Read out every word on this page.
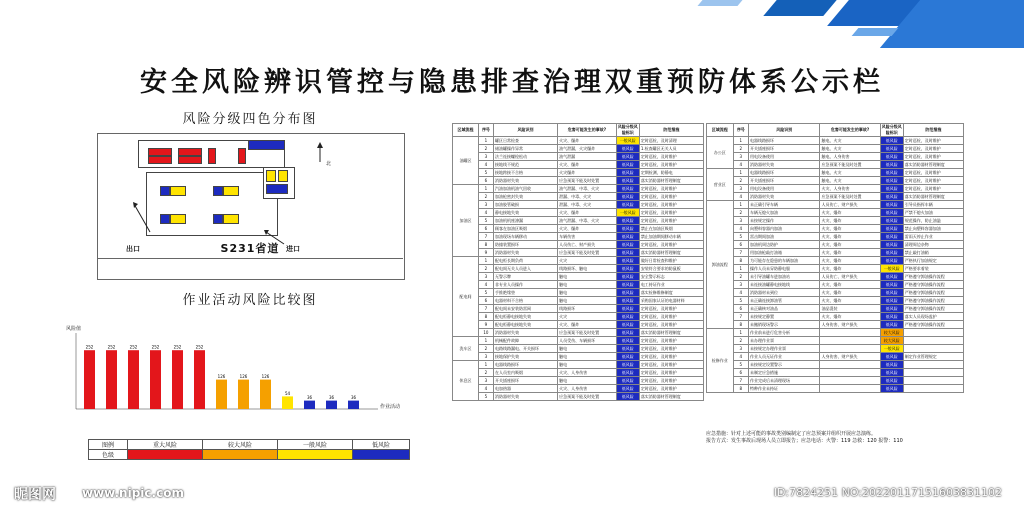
安全风险辨识管控与隐患排查治理双重预防体系公示栏
风险分级四色分布图
北
出口	进口
S231省道
作业活动风险比较图
风险值
作业活动
252	252	252	252	252	252
126	126	126
54
36	36	36
图例	重大风险	较大风险	一般风险	低风险
色级				
区域流程	序号	风险识别	危害可能发生的事故?	风险分级风险标识	防范措施
油罐区	1	罐区日常检查	火灾、爆炸	一般风险	定时巡检，及时清理
	2	储油罐操作异常	油气泄漏，火灾爆炸	低风险	1.检查罐区无关人员
	3	法兰连接螺栓松动	油气泄漏	低风险	定时巡检，及时维护
	4	接地线不规范	火灾、爆炸	低风险	定时巡检，及时维护
	5	接地跨接不合格	火灾爆炸	低风险	定期检测，防静电
	6	消防器材失效	应急预案不能及时处置	低风险	落实消防器材管理制度
加油区	1	汽油加油机油气回收	油气泄漏、中毒、火灾	低风险	定时巡检，及时维护
	2	加油枪密封失效	泄漏、中毒、火灾	低风险	定时巡检，及时维护
	3	加油胶管破损	泄漏、中毒、火灾	低风险	定时巡检，及时维护
	4	静电接地失效	火灾、爆炸	一般风险	定时巡检，及时维护
	5	加油机机座渗漏	油气泄漏、中毒、火灾	低风险	定时巡检，及时维护
	6	顾客在加油区吸烟	火灾、爆炸	低风险	禁止在加油区吸烟
	7	加油现场车辆移动	车辆伤害	低风险	禁止加油期间移动车辆
	8	防撞装置损坏	人员伤亡、财产损失	低风险	定时巡检，及时维护
	9	消防器材失效	应急预案不能及时处置	低风险	落实消防器材管理制度
配电间	1	配电柜长期负荷	火灾	低风险	做好日常检查和维护
	2	配电间无关人员进入	线路损坏、触电	低风险	安装符合要求的防鼠板
	3	无警示牌	触电	低风险	安全警示标志
	4	非专业人员操作	触电	低风险	电工持证作业
	5	手推绝缘垫	触电	低风险	落实检修维修制度
	6	电器材料不合格	触电	低风险	采购国家认证的电器材料
	7	配电间未安装防雷网	线路损坏	低风险	定时巡检，及时维护
	8	配电柜静电接地失效	火灾	低风险	定时巡检，及时维护
	9	配电柜静电接地失效	火灾、爆炸	低风险	定时巡检，及时维护
	10	消防器材失效	应急预案不能及时处置	低风险	落实消防器材管理制度
洗车区	1	机械配件故障	人员受伤、车辆损坏	低风险	定时巡检，及时维护
	2	电路线路漏电、开关损坏	触电	低风险	定时巡检，及时维护
	3	接地保护失效	触电	低风险	定时巡检，及时维护
休息区	1	电器线路损坏	触电	低风险	定时巡检，及时维护
	2	在人员室内吸烟	火灾、人身伤害	低风险	定时巡检，及时维护
	3	开关插座损坏	触电	低风险	定时巡检，及时维护
	4	电加热器	火灾、人身伤害	低风险	定时巡检，及时维护
	5	消防器材失效	应急预案不能及时处置	低风险	落实消防器材管理制度
区域流程	序号	风险识别	危害可能发生的事故?	风险分级风险标识	防范措施
办公区	1	电器线路损坏	触电、火灾	低风险	定时巡检，及时维护
	2	开关插座损坏	触电、火灾	低风险	定时巡检，及时维护
	3	用电设备使用	触电、人身伤害	低风险	定时巡检，及时维护
	4	消防器材失效	应急预案不能及时处置	低风险	落实消防器材管理制度
营业区	1	电器线路损坏	触电、火灾	低风险	定时巡检，及时维护
	2	开关插座损坏	触电、火灾	低风险	定时巡检，及时维护
	3	用电设备使用	火灾、人身伤害	低风险	定时巡检，及时维护
	4	消防器材失效	应急预案不能及时处置	低风险	落实消防器材管理制度
卸油流程	1	未正确引导车辆	人员伤亡、财产损失	低风险	引导员指挥车辆
	2	车辆无熄火加油	火灾、爆炸	低风险	严禁不熄火加油
	3	未按规定操作	火灾、爆炸	低风险	规范操作，防止油溢
	4	向塑料容器内加油	火灾、爆炸	低风险	禁止向塑料容器加油
	5	雷击期间加油	火灾、爆炸	低风险	雷雨天停止作业
	6	加油机周边防护	火灾、爆炸	低风险	清理周边杂物
	7	用加油枪敲打油箱	火灾、爆炸	低风险	禁止敲打油箱
	8	为可能存在隐患的车辆加油	火灾、爆炸	低风险	严格执行加油规定
	1	操作人员未穿防静电服	火灾、爆炸	一般风险	严格要求着装
	2	未引导油罐车进加油站	人员伤亡、财产损失	低风险	严格遵守卸油操作流程
	3	未连接油罐静电接地线	火灾、爆炸	低风险	严格遵守卸油操作流程
	4	消防器材未到位	火灾、爆炸	低风险	严格遵守卸油操作流程
	5	未正确连接卸油管	火灾、爆炸	低风险	严格遵守卸油操作流程
	6	未正确核对油品	油品混装	低风险	严格遵守卸油操作流程
	7	未按规定静置	火灾、爆炸	低风险	落实人员现场监护
	8	未撤销现场警示	人身伤害、财产损失	低风险	严格遵守卸油操作流程
检修作业	1	作业前未进行危害分析		较大风险	
	2	未办理作业票		较大风险	
	3	未按规定办理作业票		一般风险	
	4	作业人员无证作业	人身伤害、财产损失	低风险	制定作业管理规定
	5	未按规定设置警示		低风险	
	6	未制定应急措施		低风险	
	7	作业完成后未清理现场		低风险	
	8	特种作业未持证		低风险	
应急措施：针对上述可能的事故类别编制定了应急预案并组织开展应急演练。
报告方式：发生事故后现场人员立即报告；应急电话：火警：119 急救：120 报警：110
昵图网 www.nipic.com	ID:7824251 NO:20220117151603831102
